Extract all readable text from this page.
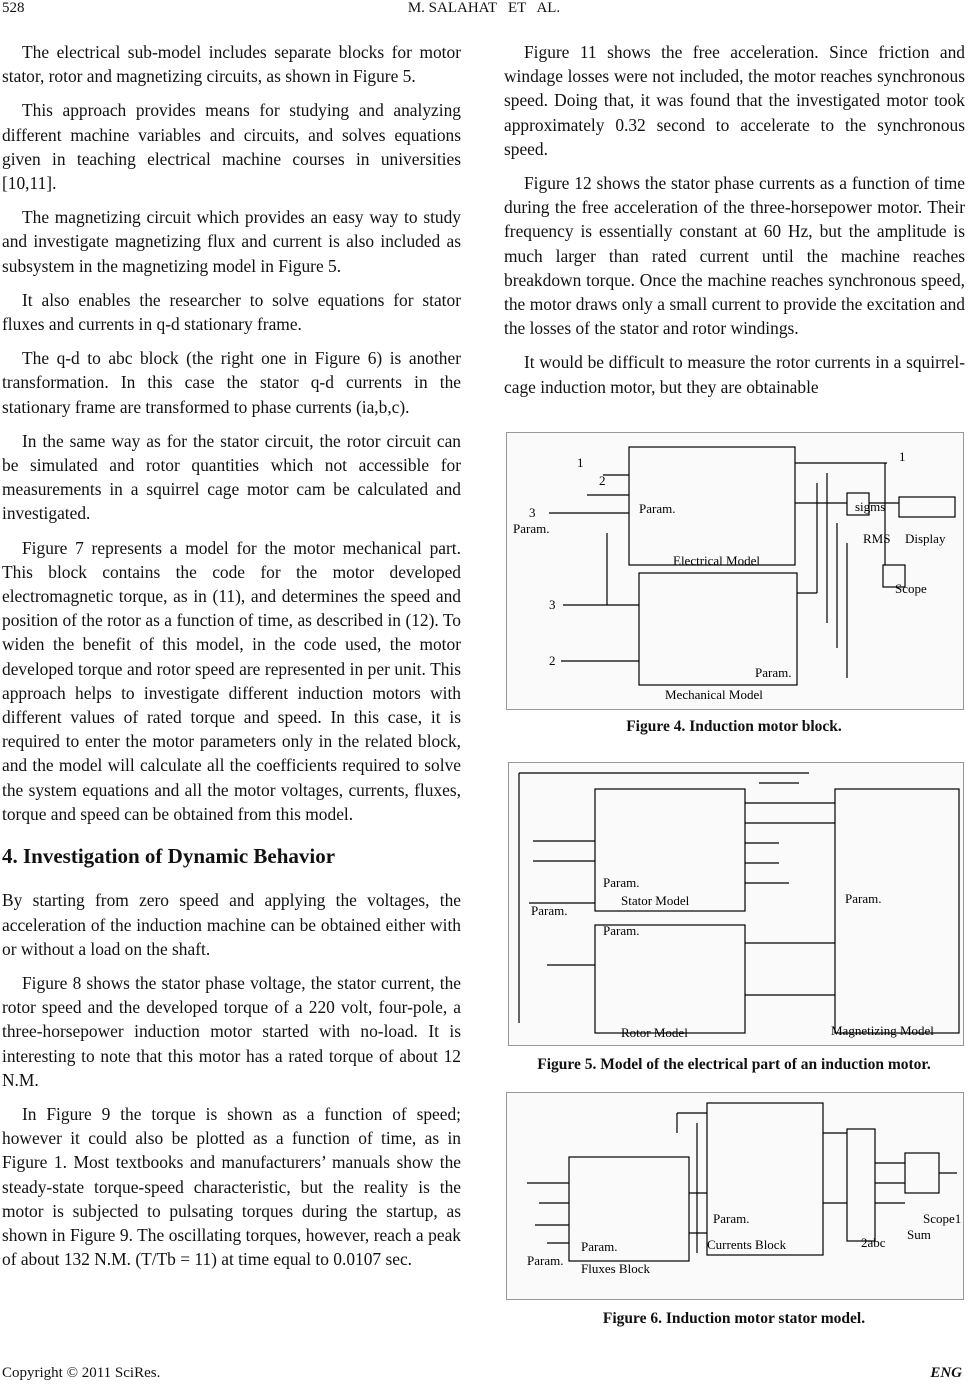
528	M. SALAHAT   ET   AL.

The electrical sub-model includes separate blocks for motor stator, rotor and magnetizing circuits, as shown in Figure 5.

This approach provides means for studying and analyzing different machine variables and circuits, and solves equations given in teaching electrical machine courses in universities [10,11].

The magnetizing circuit which provides an easy way to study and investigate magnetizing flux and current is also included as subsystem in the magnetizing model in Figure 5.

It also enables the researcher to solve equations for stator fluxes and currents in q-d stationary frame.

The q-d to abc block (the right one in Figure 6) is another transformation. In this case the stator q-d currents in the stationary frame are transformed to phase currents (ia,b,c).

In the same way as for the stator circuit, the rotor circuit can be simulated and rotor quantities which not accessible for measurements in a squirrel cage motor cam be calculated and investigated.

Figure 7 represents a model for the motor mechanical part. This block contains the code for the motor developed electromagnetic torque, as in (11), and determines the speed and position of the rotor as a function of time, as described in (12). To widen the benefit of this model, in the code used, the motor developed torque and rotor speed are represented in per unit. This approach helps to investigate different induction motors with different values of rated torque and speed. In this case, it is required to enter the motor parameters only in the related block, and the model will calculate all the coefficients required to solve the system equations and all the motor voltages, currents, fluxes, torque and speed can be obtained from this model.

4. Investigation of Dynamic Behavior

By starting from zero speed and applying the voltages, the acceleration of the induction machine can be obtained either with or without a load on the shaft.

Figure 8 shows the stator phase voltage, the stator current, the rotor speed and the developed torque of a 220 volt, four-pole, a three-horsepower induction motor started with no-load. It is interesting to note that this motor has a rated torque of about 12 N.M.

In Figure 9 the torque is shown as a function of speed; however it could also be plotted as a function of time, as in Figure 1. Most textbooks and manufacturers’ manuals show the steady-state torque-speed characteristic, but the reality is the motor is subjected to pulsating torques during the startup, as shown in Figure 9. The oscillating torques, however, reach a peak of about 132 N.M. (T/Tb = 11) at time equal to 0.0107 sec.

Figure 11 shows the free acceleration. Since friction and windage losses were not included, the motor reaches synchronous speed. Doing that, it was found that the investigated motor took approximately 0.32 second to accelerate to the synchronous speed.

Figure 12 shows the stator phase currents as a function of time during the free acceleration of the three-horsepower motor. Their frequency is essentially constant at 60 Hz, but the amplitude is much larger than rated current until the machine reaches breakdown torque. Once the machine reaches synchronous speed, the motor draws only a small current to provide the excitation and the losses of the stator and rotor windings.

It would be difficult to measure the rotor currents in a squirrel-cage induction motor, but they are obtainable

Electrical Model
Mechanical Model
Param.
Param.
Param.
sigms
RMS Display
Scope
1
2
3
3
2
1
Figure 4. Induction motor block.
Stator Model
Rotor Model	Magnetizing Model
Param.
Param.
Param.
Param.
Figure 5. Model of the electrical part of an induction motor.
Fluxes Block
Currents Block
Scope1
Sum
2abc
Param.
Param.
Param.
Figure 6. Induction motor stator model.
Copyright © 2011 SciRes.	ENG
